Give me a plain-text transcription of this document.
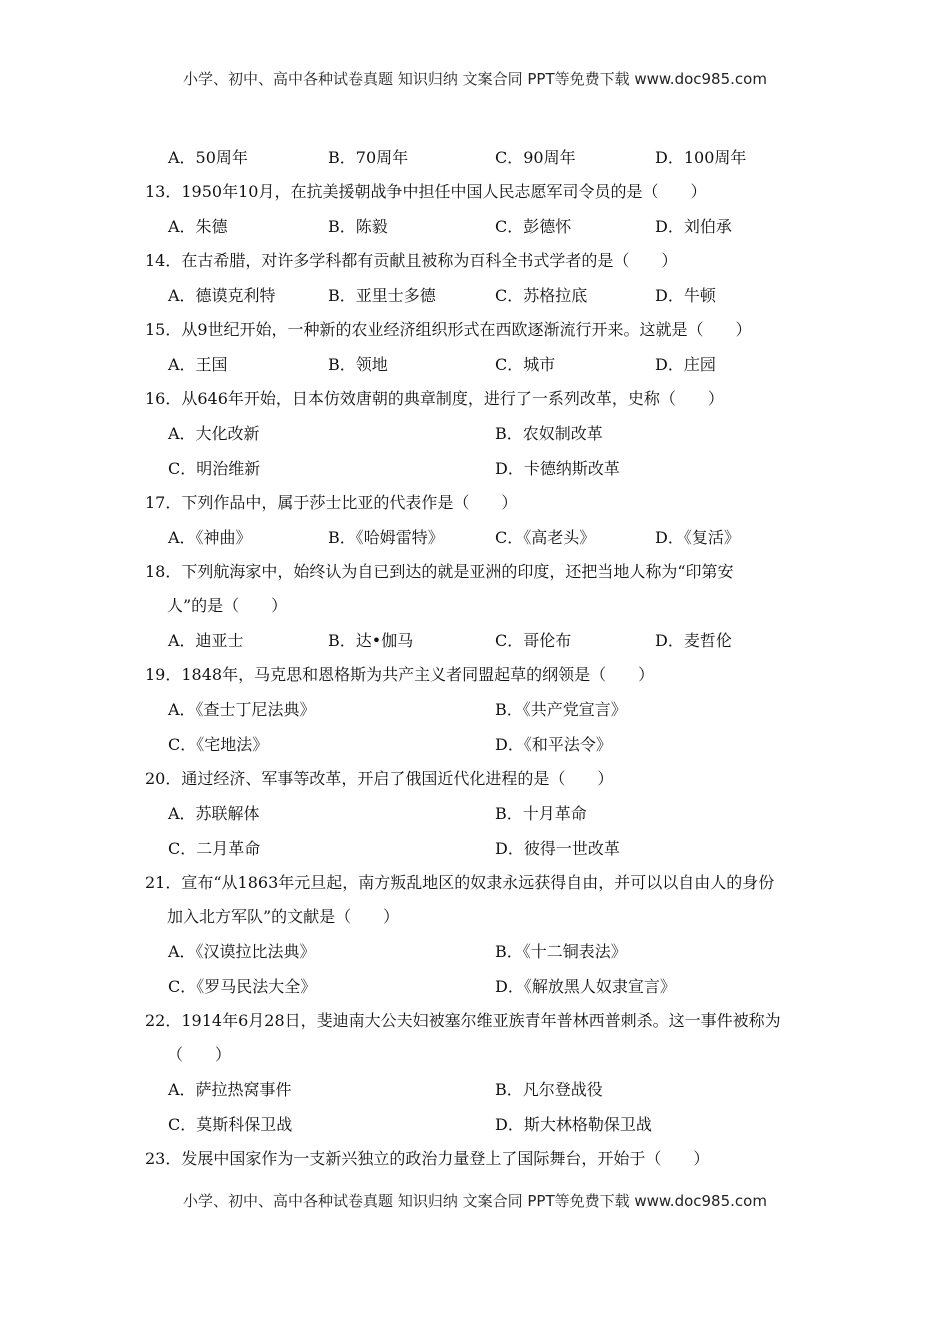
小学、初中、高中各种试卷真题 知识归纳 文案合同 PPT等免费下载 www.doc985.com
A．50周年	B．70周年	C．90周年	D．100周年
13．1950年10月，在抗美援朝战争中担任中国人民志愿军司令员的是（　　）
A．朱德	B．陈毅	C．彭德怀	D．刘伯承
14．在古希腊，对许多学科都有贡献且被称为百科全书式学者的是（　　）
A．德谟克利特	B．亚里士多德	C．苏格拉底	D．牛顿
15．从9世纪开始，一种新的农业经济组织形式在西欧逐渐流行开来。这就是（　　）
A．王国	B．领地	C．城市	D．庄园
16．从646年开始，日本仿效唐朝的典章制度，进行了一系列改革，史称（　　）
A．大化改新	B．农奴制改革
C．明治维新	D．卡德纳斯改革
17．下列作品中，属于莎士比亚的代表作是（　　）
A．《神曲》	B．《哈姆雷特》	C．《高老头》	D．《复活》
18．下列航海家中，始终认为自已到达的就是亚洲的印度，还把当地人称为“印第安
人”的是（　　）
A．迪亚士	B．达•伽马	C．哥伦布	D．麦哲伦
19．1848年，马克思和恩格斯为共产主义者同盟起草的纲领是（　　）
A．《查士丁尼法典》	B．《共产党宣言》
C．《宅地法》	D．《和平法令》
20．通过经济、军事等改革，开启了俄国近代化进程的是（　　）
A．苏联解体	B．十月革命
C．二月革命	D．彼得一世改革
21．宣布“从1863年元旦起，南方叛乱地区的奴隶永远获得自由，并可以以自由人的身份
加入北方军队”的文献是（　　）
A．《汉谟拉比法典》	B．《十二铜表法》
C．《罗马民法大全》	D．《解放黑人奴隶宣言》
22．1914年6月28日，斐迪南大公夫妇被塞尔维亚族青年普林西普刺杀。这一事件被称为
（　　）
A．萨拉热窝事件	B．凡尔登战役
C．莫斯科保卫战	D．斯大林格勒保卫战
23．发展中国家作为一支新兴独立的政治力量登上了国际舞台，开始于（　　）
小学、初中、高中各种试卷真题 知识归纳 文案合同 PPT等免费下载 www.doc985.com
